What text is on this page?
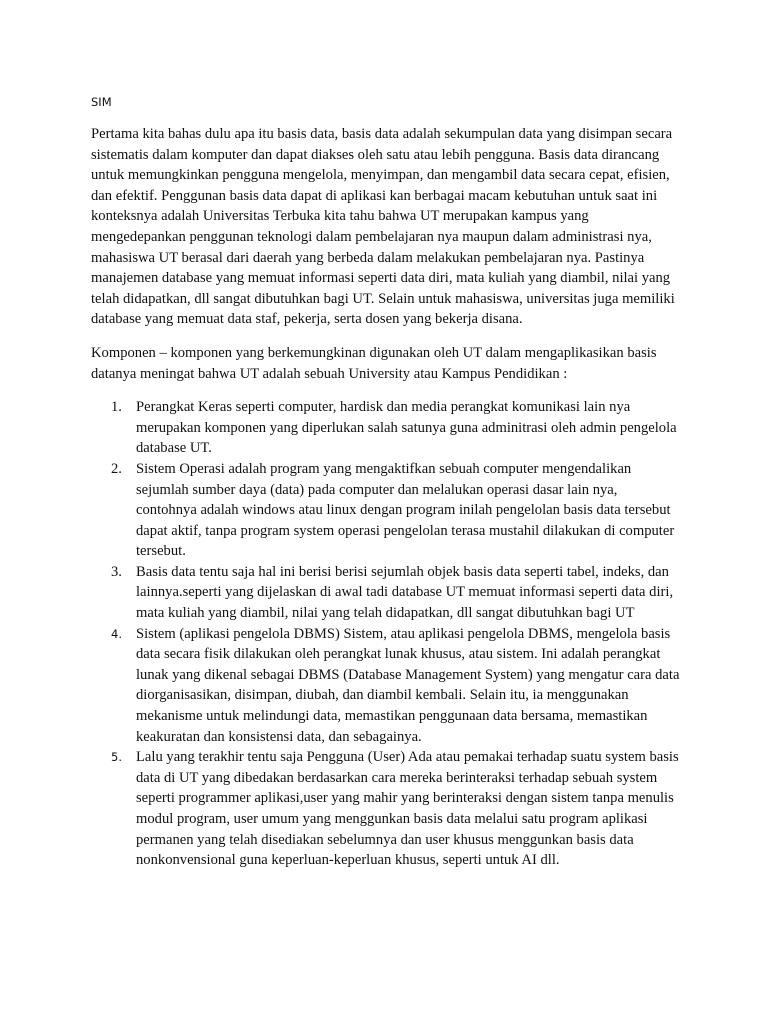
SIM

Pertama kita bahas dulu apa itu basis data, basis data adalah sekumpulan data yang disimpan secara sistematis dalam komputer dan dapat diakses oleh satu atau lebih pengguna. Basis data dirancang untuk memungkinkan pengguna mengelola, menyimpan, dan mengambil data secara cepat, efisien, dan efektif. Penggunan basis data dapat di aplikasi kan berbagai macam kebutuhan untuk saat ini konteksnya adalah Universitas Terbuka kita tahu bahwa UT merupakan kampus yang mengedepankan penggunan teknologi dalam pembelajaran nya maupun dalam administrasi nya, mahasiswa UT berasal dari daerah yang berbeda dalam melakukan pembelajaran nya. Pastinya manajemen database yang memuat informasi seperti data diri, mata kuliah yang diambil, nilai yang telah didapatkan, dll sangat dibutuhkan bagi UT. Selain untuk mahasiswa, universitas juga memiliki database yang memuat data staf, pekerja, serta dosen yang bekerja disana.

Komponen – komponen yang berkemungkinan digunakan oleh UT dalam mengaplikasikan basis datanya meningat bahwa UT adalah sebuah University atau Kampus Pendidikan :

1. Perangkat Keras seperti computer, hardisk dan media perangkat komunikasi lain nya merupakan komponen yang diperlukan salah satunya guna adminitrasi oleh admin pengelola database UT.
2. Sistem Operasi adalah program yang mengaktifkan sebuah computer mengendalikan sejumlah sumber daya (data) pada computer dan melalukan operasi dasar lain nya, contohnya adalah windows atau linux dengan program inilah pengelolan basis data tersebut dapat aktif, tanpa program system operasi pengelolan terasa mustahil dilakukan di computer tersebut.
3. Basis data tentu saja hal ini berisi berisi sejumlah objek basis data seperti tabel, indeks, dan lainnya.seperti yang dijelaskan di awal tadi database UT memuat informasi seperti data diri, mata kuliah yang diambil, nilai yang telah didapatkan, dll sangat dibutuhkan bagi UT
4. Sistem (aplikasi pengelola DBMS) Sistem, atau aplikasi pengelola DBMS, mengelola basis data secara fisik dilakukan oleh perangkat lunak khusus, atau sistem. Ini adalah perangkat lunak yang dikenal sebagai DBMS (Database Management System) yang mengatur cara data diorganisasikan, disimpan, diubah, dan diambil kembali. Selain itu, ia menggunakan mekanisme untuk melindungi data, memastikan penggunaan data bersama, memastikan keakuratan dan konsistensi data, dan sebagainya.
5. Lalu yang terakhir tentu saja Pengguna (User) Ada atau pemakai terhadap suatu system basis data di UT yang dibedakan berdasarkan cara mereka berinteraksi terhadap sebuah system seperti programmer aplikasi,user yang mahir yang berinteraksi dengan sistem tanpa menulis modul program, user umum yang menggunkan basis data melalui satu program aplikasi permanen yang telah disediakan sebelumnya dan user khusus menggunkan basis data nonkonvensional guna keperluan-keperluan khusus, seperti untuk AI dll.
